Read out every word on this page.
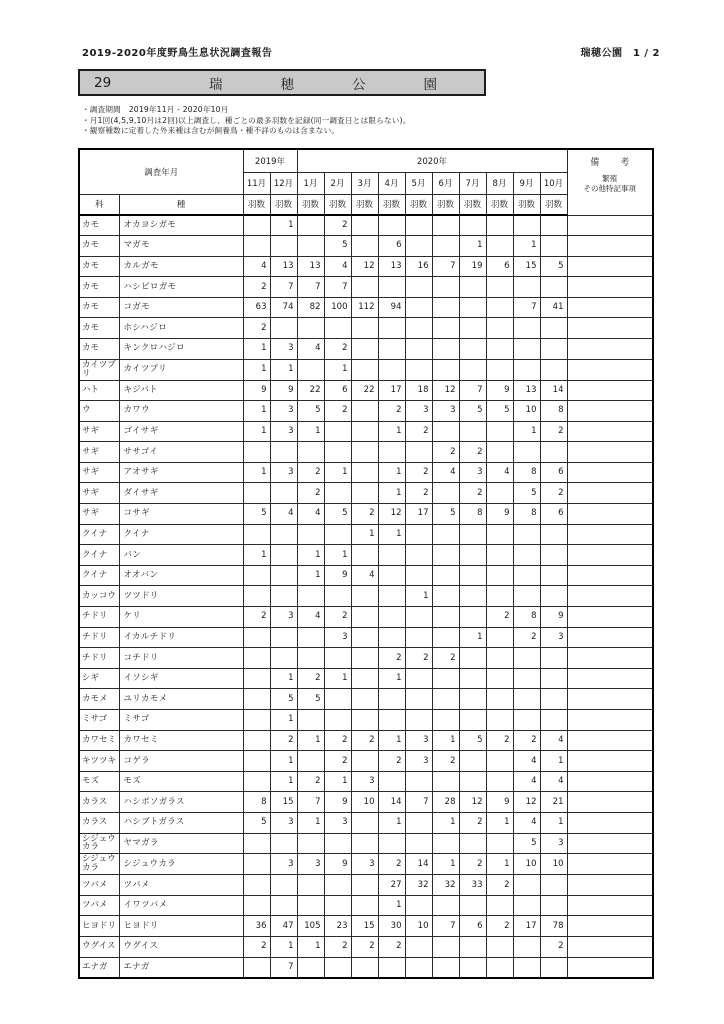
2019-2020年度野鳥生息状況調査報告	瑞穂公園　1 / 2
29	瑞	穂	公	園
・調査期間　2019年11月 - 2020年10月
・月1回(4,5,9,10月は2回)以上調査し、種ごとの最多羽数を記録(同一調査日とは限らない)。
・観察種数に定着した外来種は含むが飼養鳥・種不詳のものは含まない。
調査年月		2019年		2020年										備　考
繁殖
その他特記事項

		11月	12月	1月	2月	3月	4月	5月	6月	7月	8月	9月	10月	
科	種	羽数	羽数	羽数	羽数	羽数	羽数	羽数	羽数	羽数	羽数	羽数	羽数	
カモ	オカヨシガモ		1		2									
カモ	マガモ				5		6			1		1		
カモ	カルガモ	4	13	13	4	12	13	16	7	19	6	15	5	
カモ	ハシビロガモ	2	7	7	7									
カモ	コガモ	63	74	82	100	112	94					7	41	
カモ	ホシハジロ	2												
カモ	キンクロハジロ	1	3	4	2									
カイツブリ	カイツブリ	1	1		1									
ハト	キジバト	9	9	22	6	22	17	18	12	7	9	13	14	
ウ	カワウ	1	3	5	2		2	3	3	5	5	10	8	
サギ	ゴイサギ	1	3	1			1	2				1	2	
サギ	ササゴイ								2	2				
サギ	アオサギ	1	3	2	1		1	2	4	3	4	8	6	
サギ	ダイサギ			2			1	2		2		5	2	
サギ	コサギ	5	4	4	5	2	12	17	5	8	9	8	6	
クイナ	クイナ					1	1							
クイナ	バン	1		1	1									
クイナ	オオバン			1	9	4								
カッコウ	ツツドリ							1						
チドリ	ケリ	2	3	4	2						2	8	9	
チドリ	イカルチドリ				3					1		2	3	
チドリ	コチドリ						2	2	2					
シギ	イソシギ		1	2	1		1							
カモメ	ユリカモメ		5	5										
ミサゴ	ミサゴ		1											
カワセミ	カワセミ		2	1	2	2	1	3	1	5	2	2	4	
キツツキ	コゲラ		1		2		2	3	2			4	1	
モズ	モズ		1	2	1	3						4	4	
カラス	ハシボソガラス	8	15	7	9	10	14	7	28	12	9	12	21	
カラス	ハシブトガラス	5	3	1	3		1		1	2	1	4	1	
シジュウカラ	ヤマガラ											5	3	
シジュウカラ	シジュウカラ		3	3	9	3	2	14	1	2	1	10	10	
ツバメ	ツバメ						27	32	32	33	2			
ツバメ	イワツバメ						1							
ヒヨドリ	ヒヨドリ	36	47	105	23	15	30	10	7	6	2	17	78	
ウグイス	ウグイス	2	1	1	2	2	2						2	
エナガ	エナガ		7											
